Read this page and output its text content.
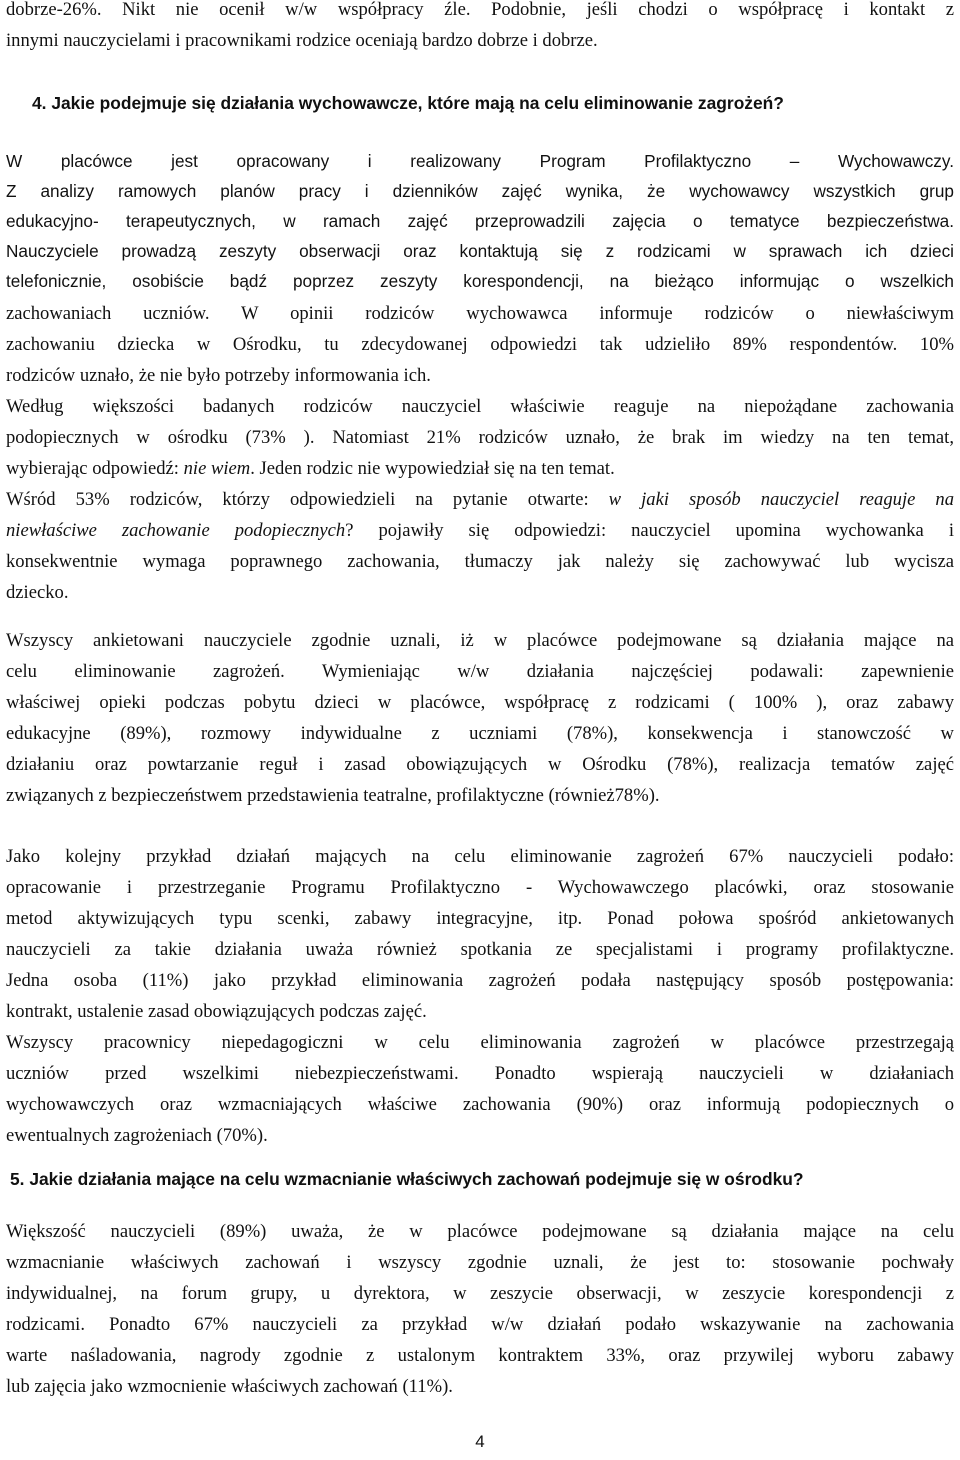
dobrze-26%. Nikt nie ocenił w/w współpracy źle. Podobnie, jeśli chodzi o współpracę i kontakt z
innymi nauczycielami i pracownikami rodzice oceniają bardzo dobrze i dobrze.
4. Jakie podejmuje się działania wychowawcze, które mają na celu eliminowanie zagrożeń?
W placówce jest opracowany i realizowany Program Profilaktyczno – Wychowawczy.
Z analizy ramowych planów pracy i dzienników zajęć wynika, że wychowawcy wszystkich grup
edukacyjno- terapeutycznych, w ramach zajęć przeprowadzili zajęcia o tematyce bezpieczeństwa.
Nauczyciele prowadzą zeszyty obserwacji oraz kontaktują się z rodzicami w sprawach ich dzieci
telefonicznie, osobiście bądź poprzez zeszyty korespondencji, na bieżąco informując o wszelkich
zachowaniach uczniów. W opinii rodziców wychowawca informuje rodziców o niewłaściwym
zachowaniu dziecka w Ośrodku, tu zdecydowanej odpowiedzi tak udzieliło 89% respondentów. 10%
rodziców uznało, że nie było potrzeby informowania ich.
Według większości badanych rodziców nauczyciel właściwie reaguje na niepożądane zachowania
podopiecznych w ośrodku (73% ). Natomiast 21% rodziców uznało, że brak im wiedzy na ten temat,
wybierając odpowiedź: nie wiem. Jeden rodzic nie wypowiedział się na ten temat.
Wśród 53% rodziców, którzy odpowiedzieli na pytanie otwarte: w jaki sposób nauczyciel reaguje na
niewłaściwe zachowanie podopiecznych? pojawiły się odpowiedzi: nauczyciel upomina wychowanka i
konsekwentnie wymaga poprawnego zachowania, tłumaczy jak należy się zachowywać lub wycisza
dziecko.
Wszyscy ankietowani nauczyciele zgodnie uznali, iż w placówce podejmowane są działania mające na
celu eliminowanie zagrożeń. Wymieniając w/w działania najczęściej podawali: zapewnienie
właściwej opieki podczas pobytu dzieci w placówce, współpracę z rodzicami ( 100% ), oraz zabawy
edukacyjne (89%), rozmowy indywidualne z uczniami (78%), konsekwencja i stanowczość w
działaniu oraz powtarzanie reguł i zasad obowiązujących w Ośrodku (78%), realizacja tematów zajęć
związanych z bezpieczeństwem przedstawienia teatralne, profilaktyczne (również78%).
Jako kolejny przykład działań mających na celu eliminowanie zagrożeń 67% nauczycieli podało:
opracowanie i przestrzeganie Programu Profilaktyczno - Wychowawczego placówki, oraz stosowanie
metod aktywizujących typu scenki, zabawy integracyjne, itp. Ponad połowa spośród ankietowanych
nauczycieli za takie działania uważa również spotkania ze specjalistami i programy profilaktyczne.
Jedna osoba (11%) jako przykład eliminowania zagrożeń podała następujący sposób postępowania:
kontrakt, ustalenie zasad obowiązujących podczas zajęć.
Wszyscy pracownicy niepedagogiczni w celu eliminowania zagrożeń w placówce przestrzegają
uczniów przed wszelkimi niebezpieczeństwami. Ponadto wspierają nauczycieli w działaniach
wychowawczych oraz wzmacniających właściwe zachowania (90%) oraz informują podopiecznych o
ewentualnych zagrożeniach (70%).
5. Jakie działania mające na celu wzmacnianie właściwych zachowań podejmuje się w ośrodku?
Większość nauczycieli (89%) uważa, że w placówce podejmowane są działania mające na celu
wzmacnianie właściwych zachowań i wszyscy zgodnie uznali, że jest to: stosowanie pochwały
indywidualnej, na forum grupy, u dyrektora, w zeszycie obserwacji, w zeszycie korespondencji z
rodzicami. Ponadto 67% nauczycieli za przykład w/w działań podało wskazywanie na zachowania
warte naśladowania, nagrody zgodnie z ustalonym kontraktem 33%, oraz przywilej wyboru zabawy
lub zajęcia jako wzmocnienie właściwych zachowań (11%).
4
